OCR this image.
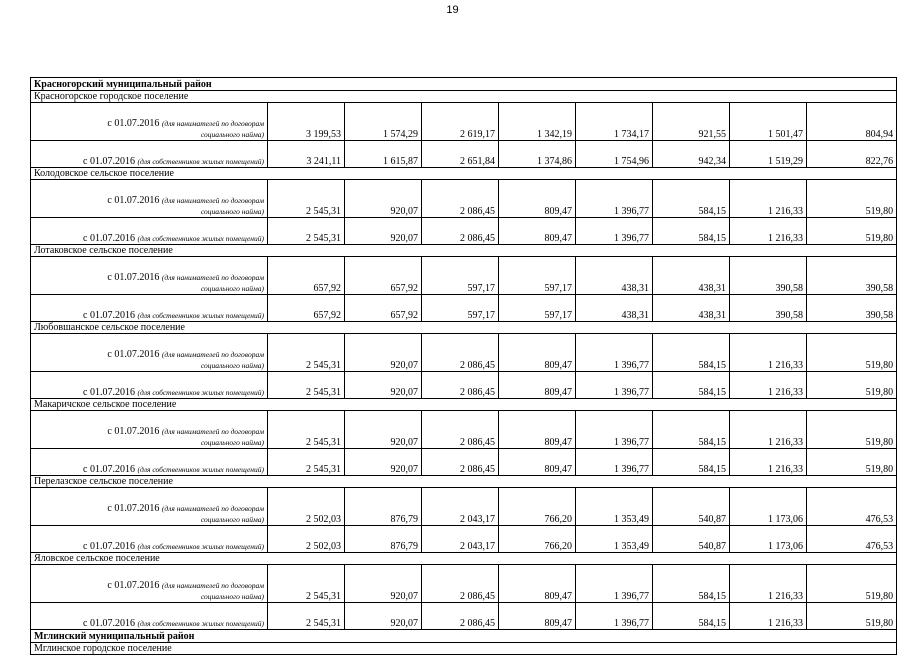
19
Красногорский муниципальный район								
Красногорское городское поселение								

с 01.07.2016 (для нанимателей по договорам
социального найма)	3 199,53	1 574,29	2 619,17	1 342,19	1 734,17	921,55	1 501,47	804,94
с 01.07.2016 (для собственников жилых помещений)	3 241,11	1 615,87	2 651,84	1 374,86	1 754,96	942,34	1 519,29	822,76
Колодовское сельское поселение								

с 01.07.2016 (для нанимателей по договорам
социального найма)	2 545,31	920,07	2 086,45	809,47	1 396,77	584,15	1 216,33	519,80
с 01.07.2016 (для собственников жилых помещений)	2 545,31	920,07	2 086,45	809,47	1 396,77	584,15	1 216,33	519,80
Лотаковское сельское поселение								

с 01.07.2016 (для нанимателей по договорам
социального найма)	657,92	657,92	597,17	597,17	438,31	438,31	390,58	390,58
с 01.07.2016 (для собственников жилых помещений)	657,92	657,92	597,17	597,17	438,31	438,31	390,58	390,58
Любовшанское сельское поселение								

с 01.07.2016 (для нанимателей по договорам
социального найма)	2 545,31	920,07	2 086,45	809,47	1 396,77	584,15	1 216,33	519,80
с 01.07.2016 (для собственников жилых помещений)	2 545,31	920,07	2 086,45	809,47	1 396,77	584,15	1 216,33	519,80
Макаричское сельское поселение								

с 01.07.2016 (для нанимателей по договорам
социального найма)	2 545,31	920,07	2 086,45	809,47	1 396,77	584,15	1 216,33	519,80
с 01.07.2016 (для собственников жилых помещений)	2 545,31	920,07	2 086,45	809,47	1 396,77	584,15	1 216,33	519,80
Перелазское сельское поселение								

с 01.07.2016 (для нанимателей по договорам
социального найма)	2 502,03	876,79	2 043,17	766,20	1 353,49	540,87	1 173,06	476,53
с 01.07.2016 (для собственников жилых помещений)	2 502,03	876,79	2 043,17	766,20	1 353,49	540,87	1 173,06	476,53
Яловское сельское поселение								

с 01.07.2016 (для нанимателей по договорам
социального найма)	2 545,31	920,07	2 086,45	809,47	1 396,77	584,15	1 216,33	519,80
с 01.07.2016 (для собственников жилых помещений)	2 545,31	920,07	2 086,45	809,47	1 396,77	584,15	1 216,33	519,80
Мглинский муниципальный район								
Мглинское городское поселение								
